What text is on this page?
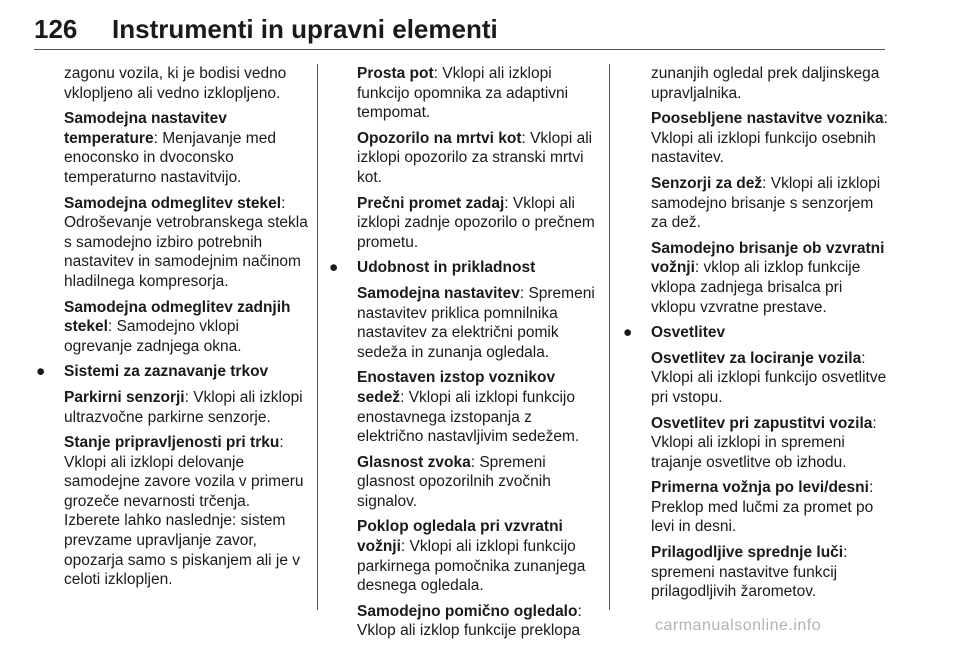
126 Instrumenti in upravni elementi

zagonu vozila, ki je bodisi vedno vklopljeno ali vedno izklopljeno.

Samodejna nastavitev temperature: Menjavanje med enoconsko in dvoconsko temperaturno nastavitvijo.

Samodejna odmeglitev stekel: Odroševanje vetrobranskega stekla s samodejno izbiro potrebnih nastavitev in samodejnim načinom hladilnega kompresorja.

Samodejna odmeglitev zadnjih stekel: Samodejno vklopi ogrevanje zadnjega okna.

● Sistemi za zaznavanje trkov

Parkirni senzorji: Vklopi ali izklopi ultrazvočne parkirne senzorje.

Stanje pripravljenosti pri trku: Vklopi ali izklopi delovanje samodejne zavore vozila v primeru grozeče nevarnosti trčenja. Izberete lahko naslednje: sistem prevzame upravljanje zavor, opozarja samo s piskanjem ali je v celoti izklopljen.

Prosta pot: Vklopi ali izklopi funkcijo opomnika za adaptivni tempomat.

Opozorilo na mrtvi kot: Vklopi ali izklopi opozorilo za stranski mrtvi kot.

Prečni promet zadaj: Vklopi ali izklopi zadnje opozorilo o prečnem prometu.

● Udobnost in prikladnost

Samodejna nastavitev: Spremeni nastavitev priklica pomnilnika nastavitev za električni pomik sedeža in zunanja ogledala.

Enostaven izstop voznikov sedež: Vklopi ali izklopi funkcijo enostavnega izstopanja z električno nastavljivim sedežem.

Glasnost zvoka: Spremeni glasnost opozorilnih zvočnih signalov.

Poklop ogledala pri vzvratni vožnji: Vklopi ali izklopi funkcijo parkirnega pomočnika zunanjega desnega ogledala.

Samodejno pomično ogledalo: Vklop ali izklop funkcije preklopa

zunanjih ogledal prek daljinskega upravljalnika.

Poosebljene nastavitve voznika: Vklopi ali izklopi funkcijo osebnih nastavitev.

Senzorji za dež: Vklopi ali izklopi samodejno brisanje s senzorjem za dež.

Samodejno brisanje ob vzvratni vožnji: vklop ali izklop funkcije vklopa zadnjega brisalca pri vklopu vzvratne prestave.

● Osvetlitev

Osvetlitev za lociranje vozila: Vklopi ali izklopi funkcijo osvetlitve pri vstopu.

Osvetlitev pri zapustitvi vozila: Vklopi ali izklopi in spremeni trajanje osvetlitve ob izhodu.

Primerna vožnja po levi/desni: Preklop med lučmi za promet po levi in desni.

Prilagodljive sprednje luči: spremeni nastavitve funkcij prilagodljivih žarometov.

carmanualsonline.info
